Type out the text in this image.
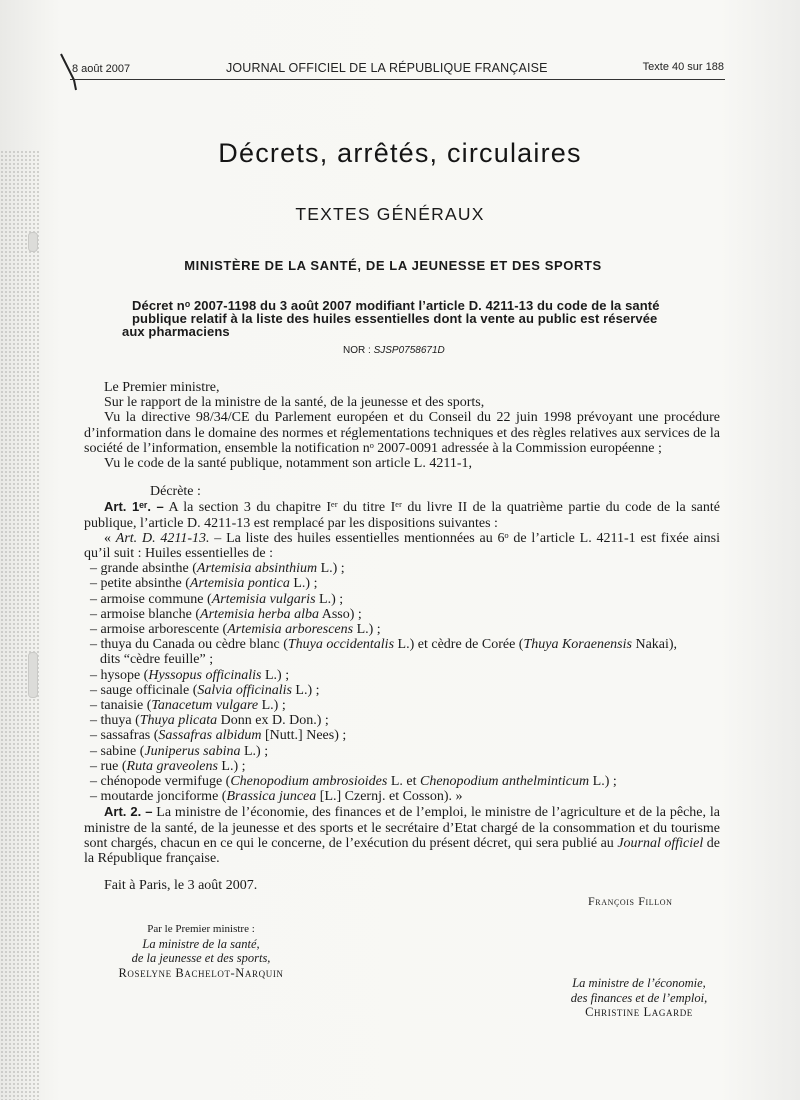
8 août 2007	JOURNAL OFFICIEL DE LA RÉPUBLIQUE FRANÇAISE	Texte 40 sur 188
Décrets, arrêtés, circulaires
TEXTES GÉNÉRAUX
MINISTÈRE DE LA SANTÉ, DE LA JEUNESSE ET DES SPORTS
Décret nᵒ 2007-1198 du 3 août 2007 modifiant l’article D. 4211-13 du code de la santé
publique relatif à la liste des huiles essentielles dont la vente au public est réservée
aux pharmaciens
NOR : SJSP0758671D

Le Premier ministre,

Sur le rapport de la ministre de la santé, de la jeunesse et des sports,

Vu la directive 98/34/CE du Parlement européen et du Conseil du 22 juin 1998 prévoyant une procédure d’information dans le domaine des normes et réglementations techniques et des règles relatives aux services de la société de l’information, ensemble la notification nᵒ 2007-0091 adressée à la Commission européenne ;

Vu le code de la santé publique, notamment son article L. 4211-1,

Décrète :

Art. 1ᵉʳ. – A la section 3 du chapitre Iᵉʳ du titre Iᵉʳ du livre II de la quatrième partie du code de la santé publique, l’article D. 4211-13 est remplacé par les dispositions suivantes :

« Art. D. 4211-13. – La liste des huiles essentielles mentionnées au 6ᵒ de l’article L. 4211-1 est fixée ainsi qu’il suit : Huiles essentielles de :

– grande absinthe (Artemisia absinthium L.) ;

– petite absinthe (Artemisia pontica L.) ;

– armoise commune (Artemisia vulgaris L.) ;

– armoise blanche (Artemisia herba alba Asso) ;

– armoise arborescente (Artemisia arborescens L.) ;

– thuya du Canada ou cèdre blanc (Thuya occidentalis L.) et cèdre de Corée (Thuya Koraenensis Nakai),

dits “cèdre feuille” ;

– hysope (Hyssopus officinalis L.) ;

– sauge officinale (Salvia officinalis L.) ;

– tanaisie (Tanacetum vulgare L.) ;

– thuya (Thuya plicata Donn ex D. Don.) ;

– sassafras (Sassafras albidum [Nutt.] Nees) ;

– sabine (Juniperus sabina L.) ;

– rue (Ruta graveolens L.) ;

– chénopode vermifuge (Chenopodium ambrosioides L. et Chenopodium anthelminticum L.) ;

– moutarde jonciforme (Brassica juncea [L.] Czernj. et Cosson). »

Art. 2. – La ministre de l’économie, des finances et de l’emploi, le ministre de l’agriculture et de la pêche, la ministre de la santé, de la jeunesse et des sports et le secrétaire d’Etat chargé de la consommation et du tourisme sont chargés, chacun en ce qui le concerne, de l’exécution du présent décret, qui sera publié au Journal officiel de la République française.

Fait à Paris, le 3 août 2007.
François Fillon
Par le Premier ministre :
La ministre de la santé,
de la jeunesse et des sports,
Roselyne Bachelot-Narquin
La ministre de l’économie,
des finances et de l’emploi,
Christine Lagarde
